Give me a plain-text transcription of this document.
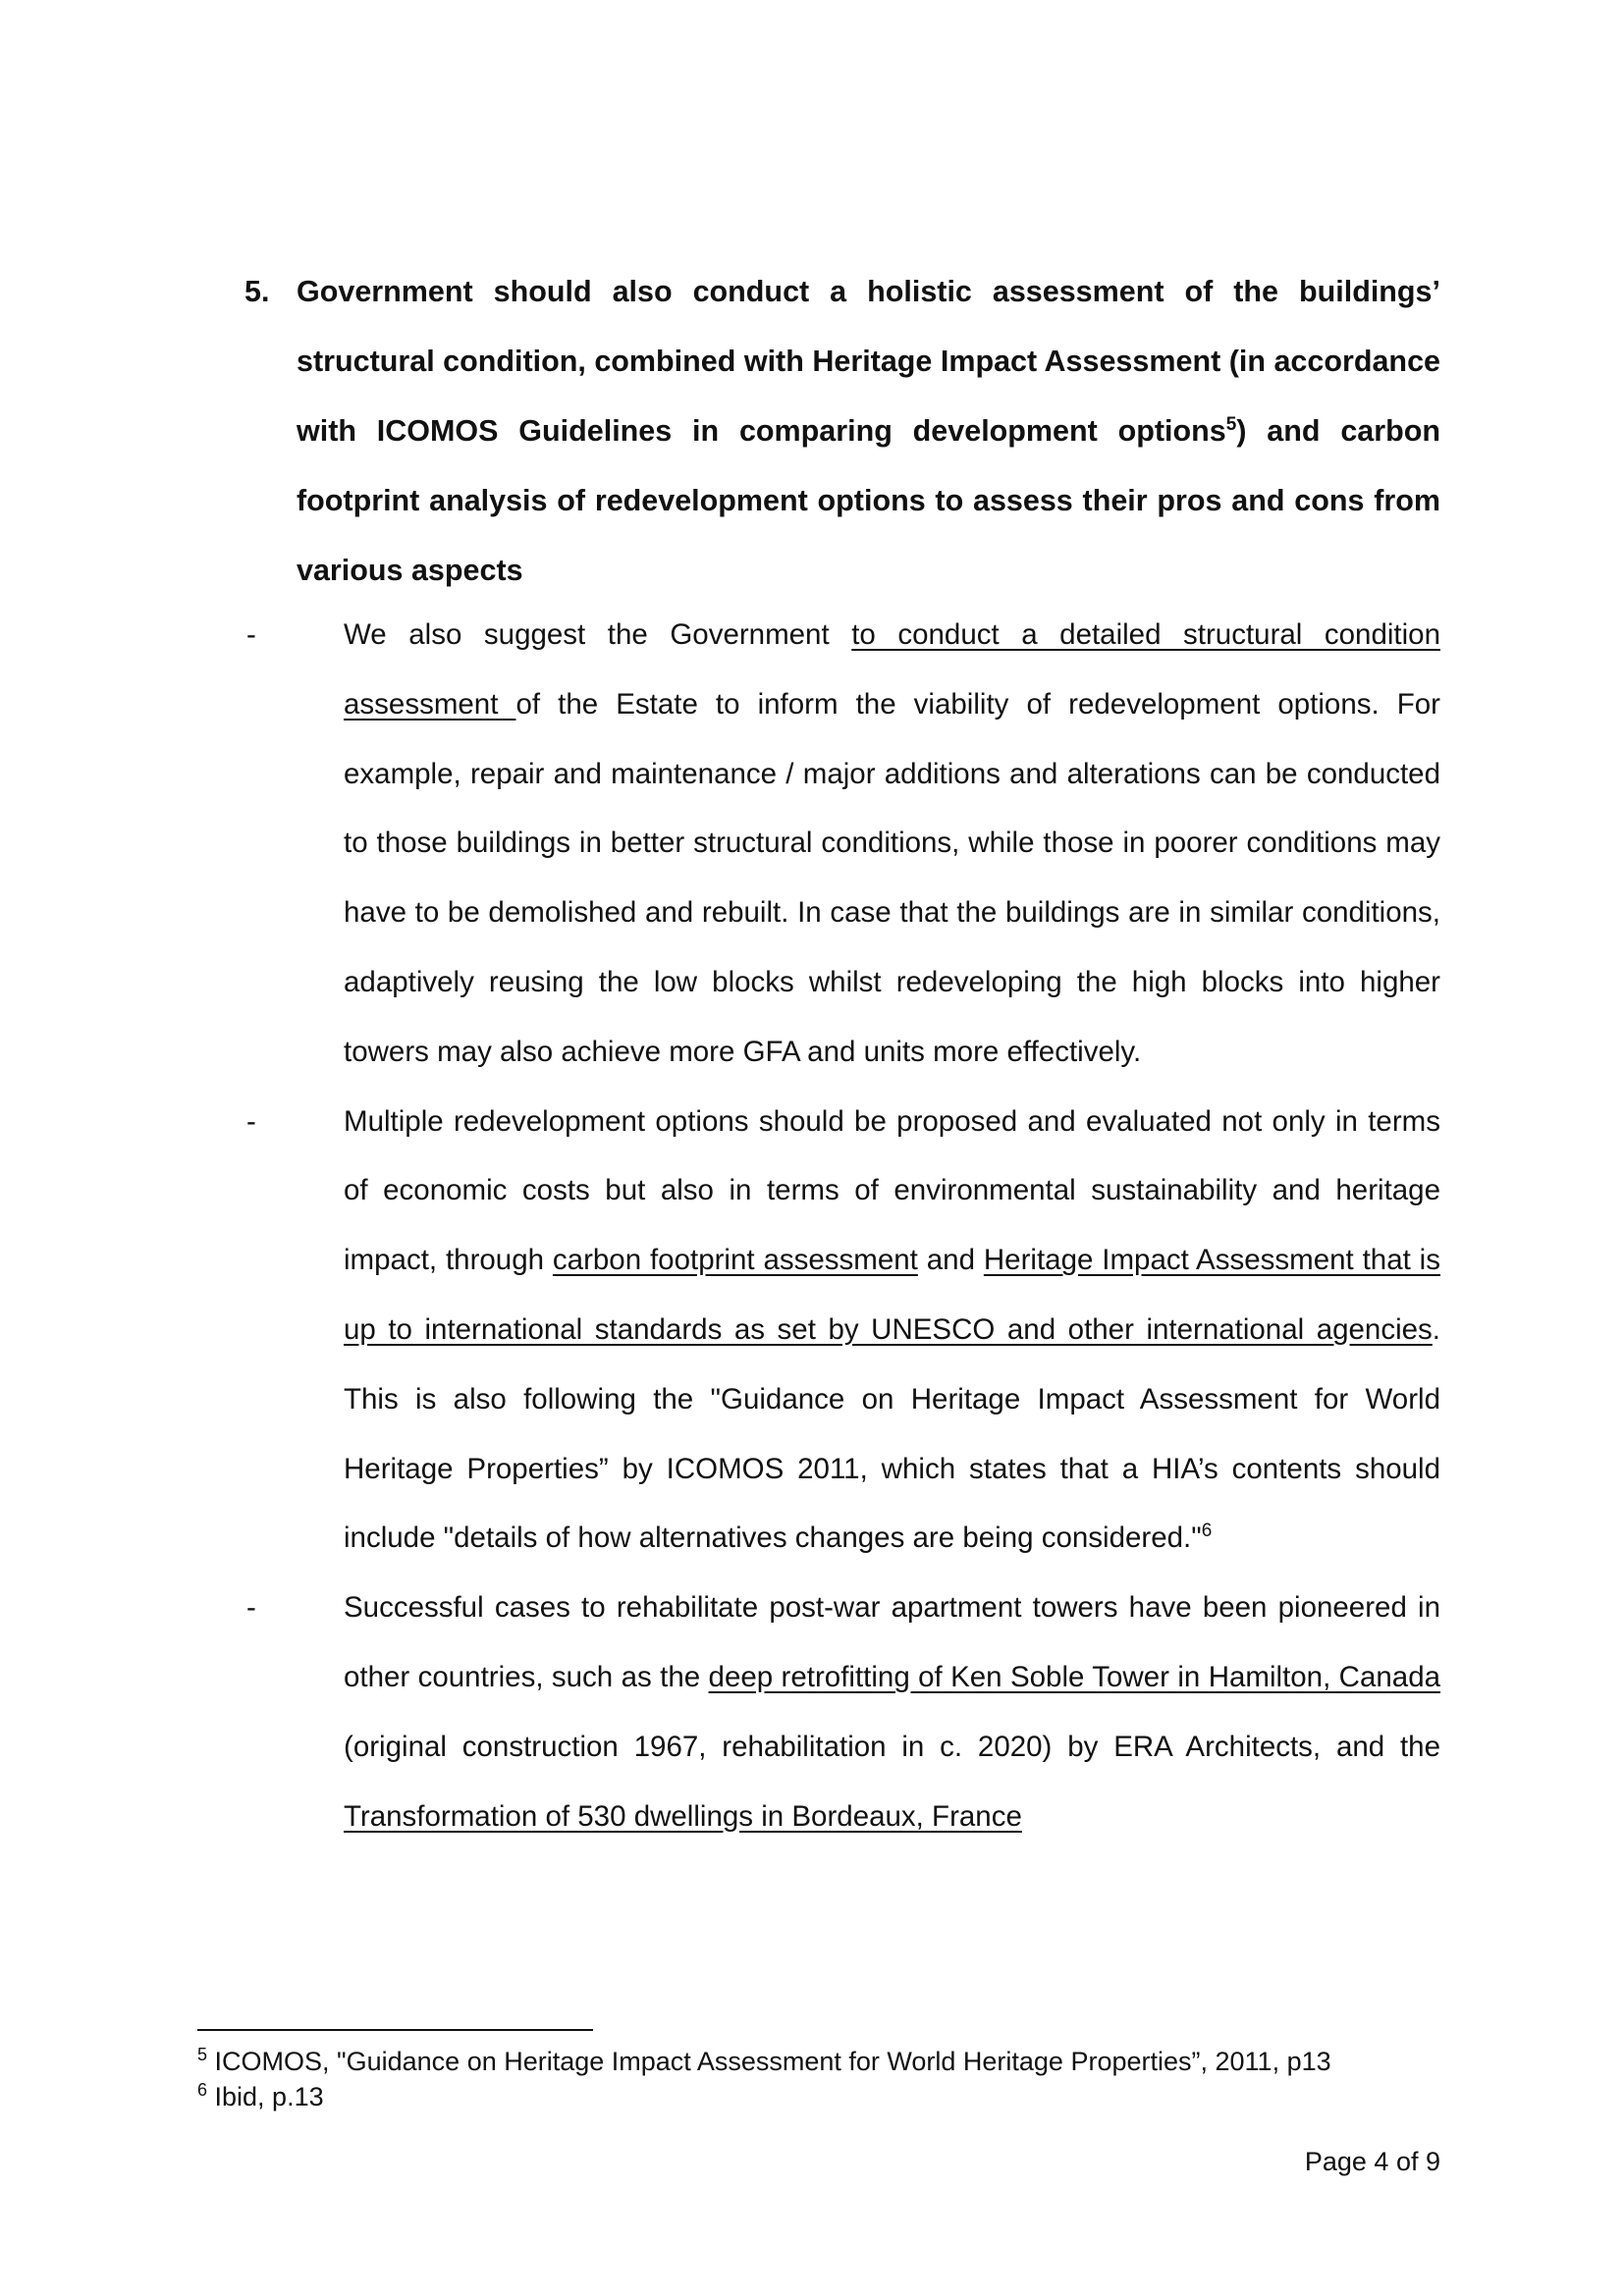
5. Government should also conduct a holistic assessment of the buildings’ structural condition, combined with Heritage Impact Assessment (in accordance with ICOMOS Guidelines in comparing development options$^5$) and carbon footprint analysis of redevelopment options to assess their pros and cons from various aspects
-	We also suggest the Government to conduct a detailed structural condition assessment of the Estate to inform the viability of redevelopment options. For example, repair and maintenance / major additions and alterations can be conducted to those buildings in better structural conditions, while those in poorer conditions may have to be demolished and rebuilt. In case that the buildings are in similar conditions, adaptively reusing the low blocks whilst redeveloping the high blocks into higher towers may also achieve more GFA and units more effectively.
-	Multiple redevelopment options should be proposed and evaluated not only in terms of economic costs but also in terms of environmental sustainability and heritage impact, through carbon footprint assessment and Heritage Impact Assessment that is up to international standards as set by UNESCO and other international agencies. This is also following the "Guidance on Heritage Impact Assessment for World Heritage Properties” by ICOMOS 2011, which states that a HIA’s contents should include "details of how alternatives changes are being considered."$^6$
-	Successful cases to rehabilitate post-war apartment towers have been pioneered in other countries, such as the deep retrofitting of Ken Soble Tower in Hamilton, Canada (original construction 1967, rehabilitation in c. 2020) by ERA Architects, and the Transformation of 530 dwellings in Bordeaux, France
$^5$ ICOMOS, "Guidance on Heritage Impact Assessment for World Heritage Properties”, 2011, p13
$^6$ Ibid, p.13
Page 4 of 9
